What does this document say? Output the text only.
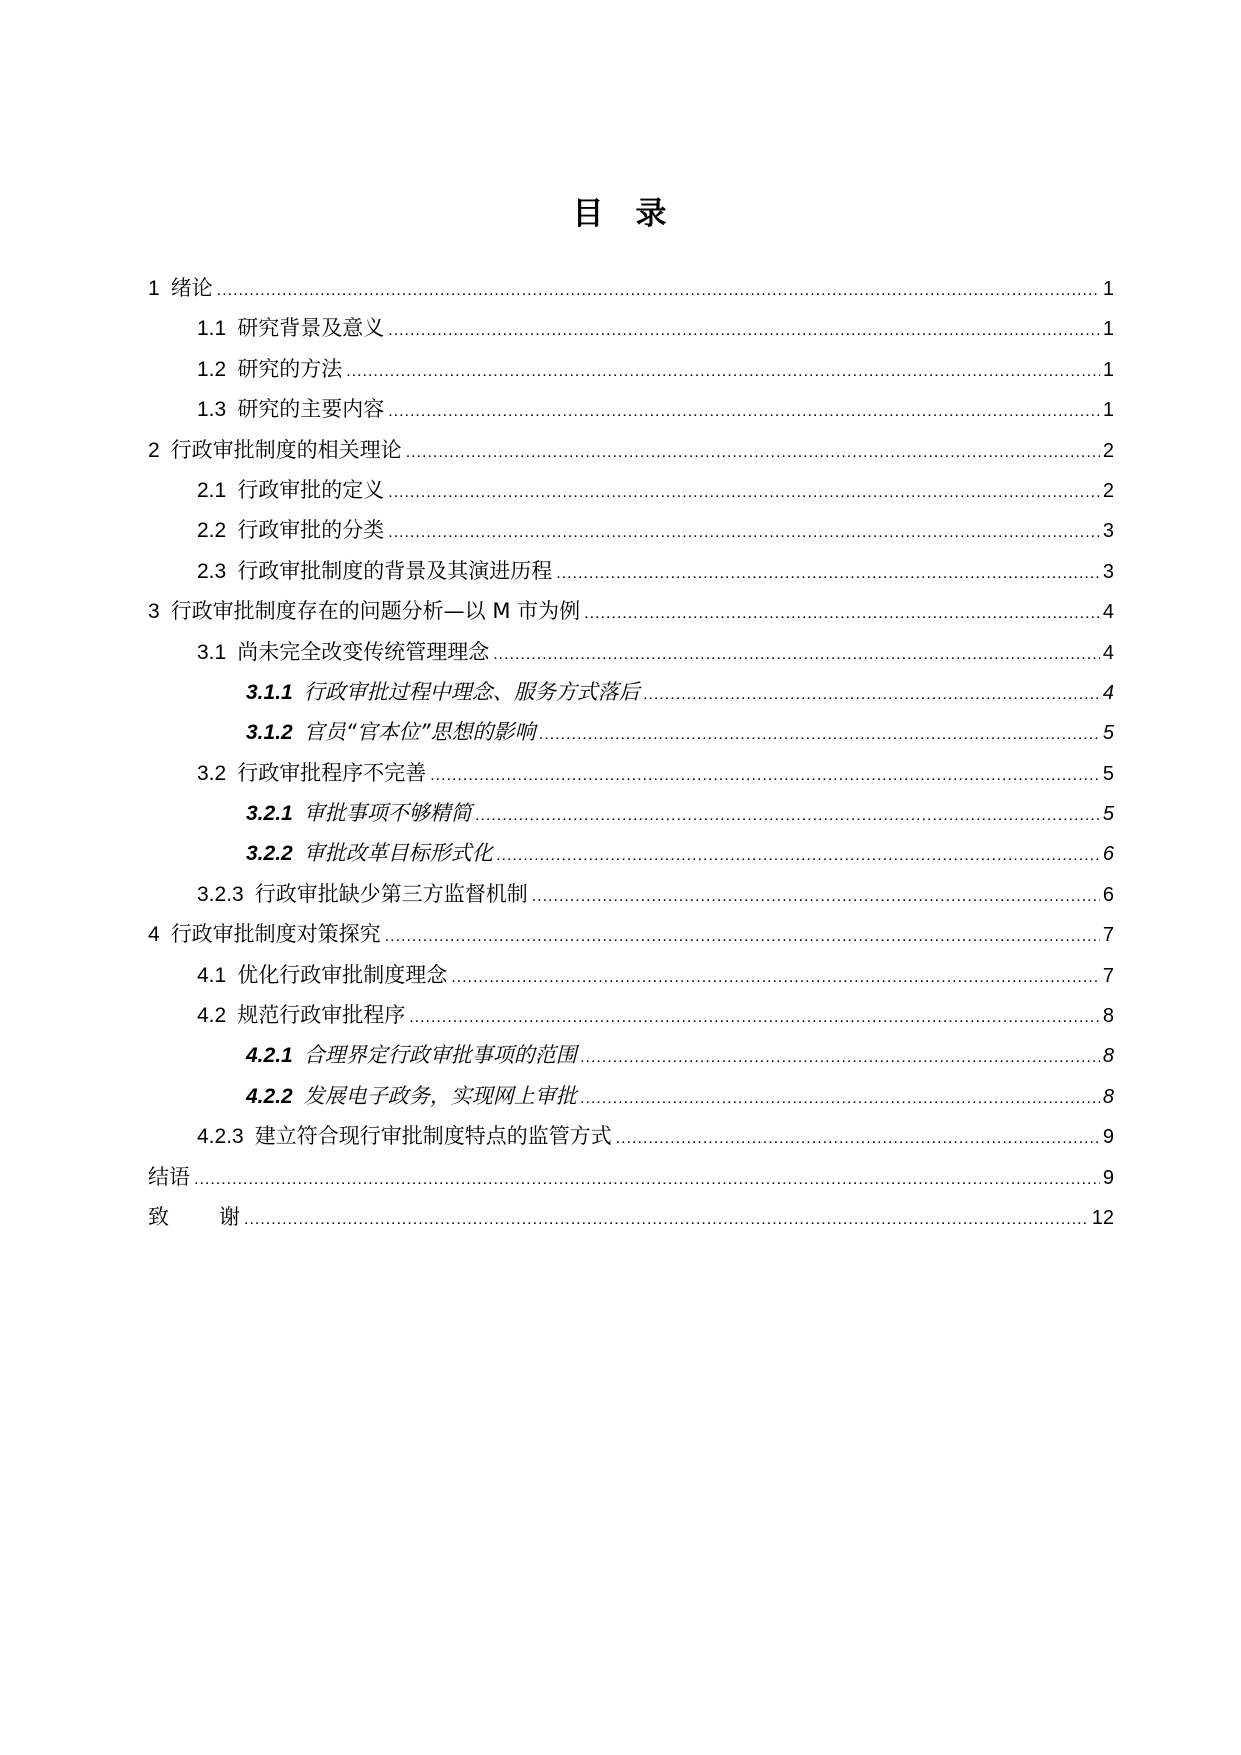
目 录
1 绪论 .....	1
1.1 研究背景及意义 .....	1
1.2 研究的方法 .....	1
1.3 研究的主要内容 .....	1
2 行政审批制度的相关理论 .....	2
2.1 行政审批的定义 .....	2
2.2 行政审批的分类 .....	3
2.3 行政审批制度的背景及其演进历程 .....	3
3 行政审批制度存在的问题分析—以 M 市为例 .....	4
3.1 尚未完全改变传统管理理念 .....	4
3.1.1 行政审批过程中理念、服务方式落后 .....	4
3.1.2 官员“官本位”思想的影响 .....	5
3.2 行政审批程序不完善 .....	5
3.2.1 审批事项不够精简 .....	5
3.2.2 审批改革目标形式化 .....	6
3.2.3 行政审批缺少第三方监督机制 .....	6
4 行政审批制度对策探究 .....	7
4.1 优化行政审批制度理念 .....	7
4.2 规范行政审批程序 .....	8
4.2.1 合理界定行政审批事项的范围 .....	8
4.2.2 发展电子政务，实现网上审批 .....	8
4.2.3 建立符合现行审批制度特点的监管方式 .....	9
结语 .....	9
致 谢 .....	12
